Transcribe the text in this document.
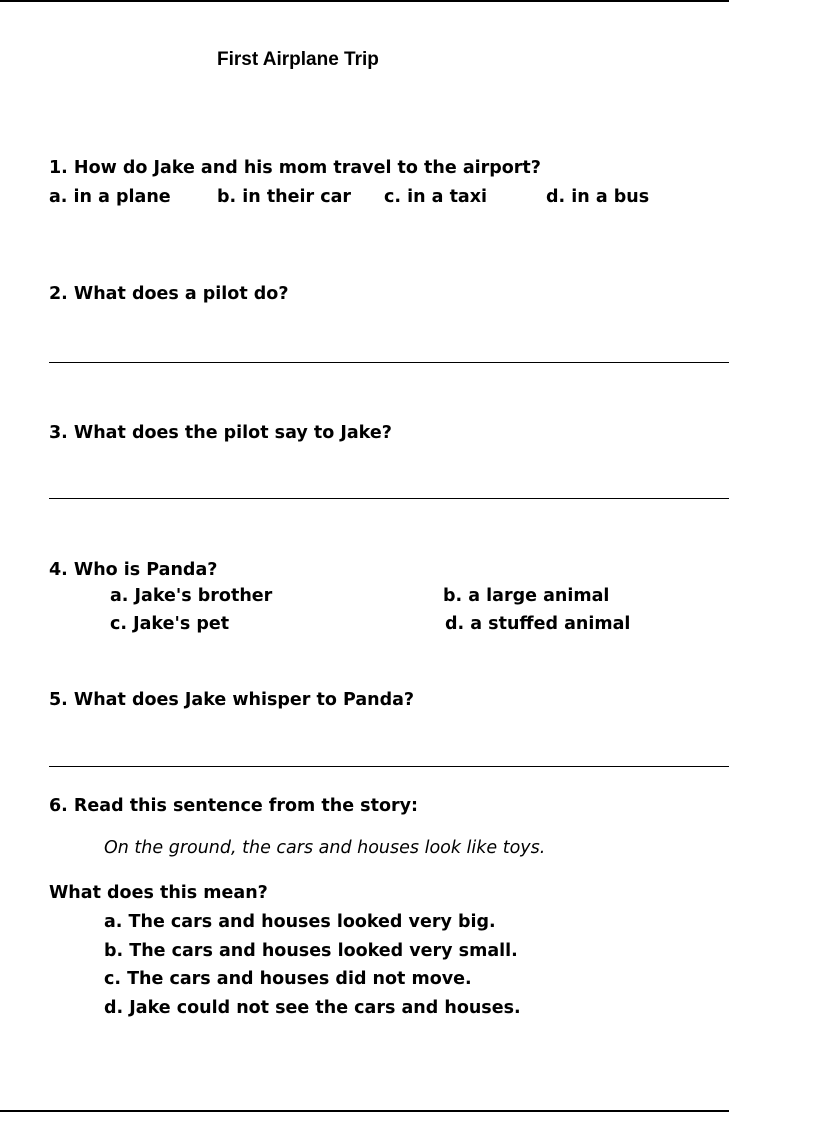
First Airplane Trip
1. How do Jake and his mom travel to the airport?
a. in a plane	b. in their car c. in a taxi	d. in a bus
2. What does a pilot do?
3. What does the pilot say to Jake?
4. Who is Panda?
a. Jake's brother	b. a large animal
c. Jake's pet	d. a stuffed animal
5. What does Jake whisper to Panda?
6. Read this sentence from the story:
On the ground, the cars and houses look like toys.
What does this mean?
a. The cars and houses looked very big.
b. The cars and houses looked very small.
c. The cars and houses did not move.
d. Jake could not see the cars and houses.
